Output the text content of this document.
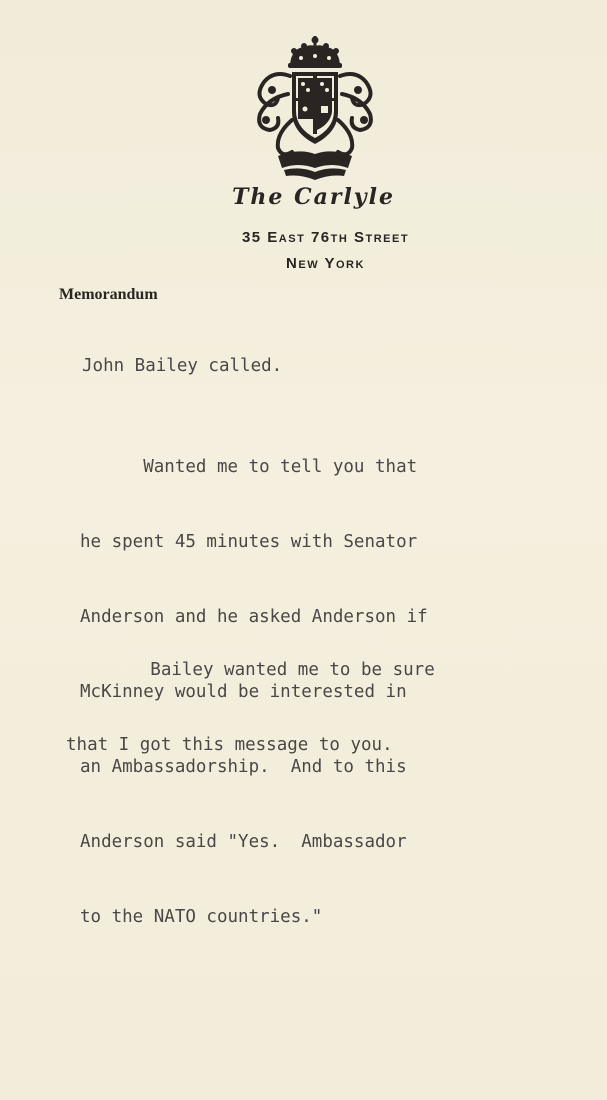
The Carlyle
35 East 76th Street
New York
Memorandum
John Bailey called.

Wanted me to tell you that

he spent 45 minutes with Senator

Anderson and he asked Anderson if

McKinney would be interested in

an Ambassadorship.  And to this

Anderson said "Yes.  Ambassador

to the NATO countries."

Bailey wanted me to be sure

that I got this message to you.
